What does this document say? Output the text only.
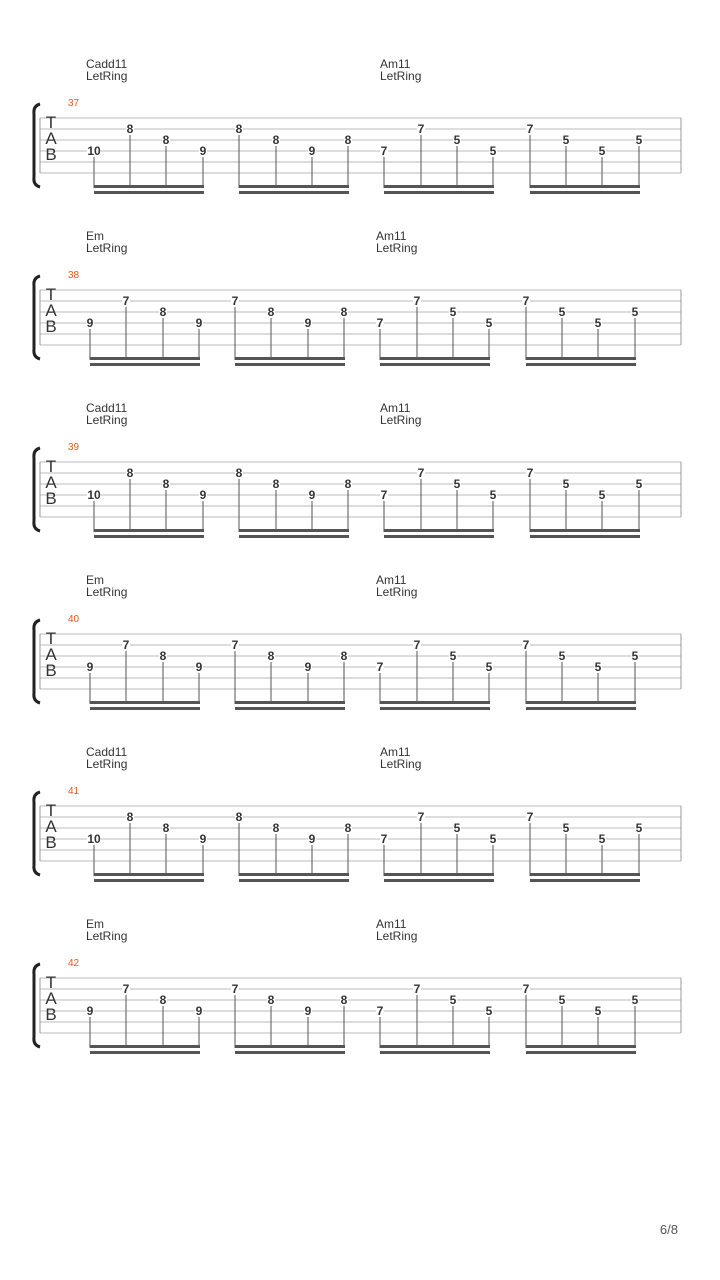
Cadd11
LetRing
Am11
LetRing
37
T
A
B	10
8
8
9
8
8
9
8
7
7
5
5
7
5
5
5
Em
LetRing
Am11
LetRing
38
T
A
B 9
7
8
9
7
8
9
8
7
7
5
5
7
5
5
5
Cadd11
LetRing
Am11
LetRing
39
T
A
B	10
8
8
9
8
8
9
8
7
7
5
5
7
5
5
5
Em
LetRing
Am11
LetRing
40
T
A
B 9
7
8
9
7
8
9
8
7
7
5
5
7
5
5
5
Cadd11
LetRing
Am11
LetRing
41
T
A
B	10
8
8
9
8
8
9
8
7
7
5
5
7
5
5
5
Em
LetRing
Am11
LetRing
42
T
A
B 9
7
8
9
7
8
9
8
7
7
5
5
7
5
5
5
6/8
